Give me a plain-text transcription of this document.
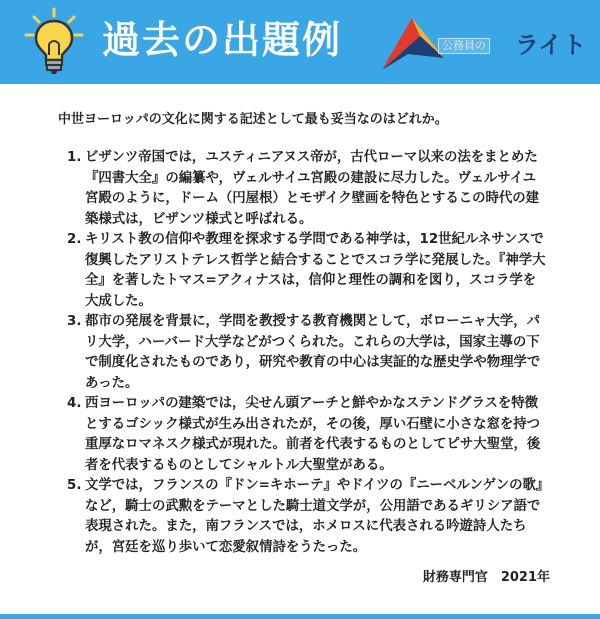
過去の出題例	公務員の ライト

中世ヨーロッパの文化に関する記述として最も妥当なのはどれか。

1. ビザンツ帝国では，ユスティニアヌス帝が，古代ローマ以来の法をまとめた『四書大全』の編纂や，ヴェルサイユ宮殿の建設に尽力した。ヴェルサイユ宮殿のように，ドーム（円屋根）とモザイク壁画を特色とするこの時代の建築様式は，ビザンツ様式と呼ばれる。
2. キリスト教の信仰や教理を探求する学問である神学は，12世紀ルネサンスで復興したアリストテレス哲学と結合することでスコラ学に発展した。『神学大全』を著したトマス=アクィナスは，信仰と理性の調和を図り，スコラ学を大成した。
3. 都市の発展を背景に，学問を教授する教育機関として，ボローニャ大学，パリ大学，ハーバード大学などがつくられた。これらの大学は，国家主導の下で制度化されたものであり，研究や教育の中心は実証的な歴史学や物理学であった。
4. 西ヨーロッパの建築では，尖せん頭アーチと鮮やかなステンドグラスを特徴とするゴシック様式が生み出されたが，その後，厚い石壁に小さな窓を持つ重厚なロマネスク様式が現れた。前者を代表するものとしてピサ大聖堂，後者を代表するものとしてシャルトル大聖堂がある。
5. 文学では，フランスの『ドン=キホーテ』やドイツの『ニーベルンゲンの歌』など，騎士の武勲をテーマとした騎士道文学が，公用語であるギリシア語で表現された。また，南フランスでは，ホメロスに代表される吟遊詩人たちが，宮廷を巡り歩いて恋愛叙情詩をうたった。
財務専門官　2021年
